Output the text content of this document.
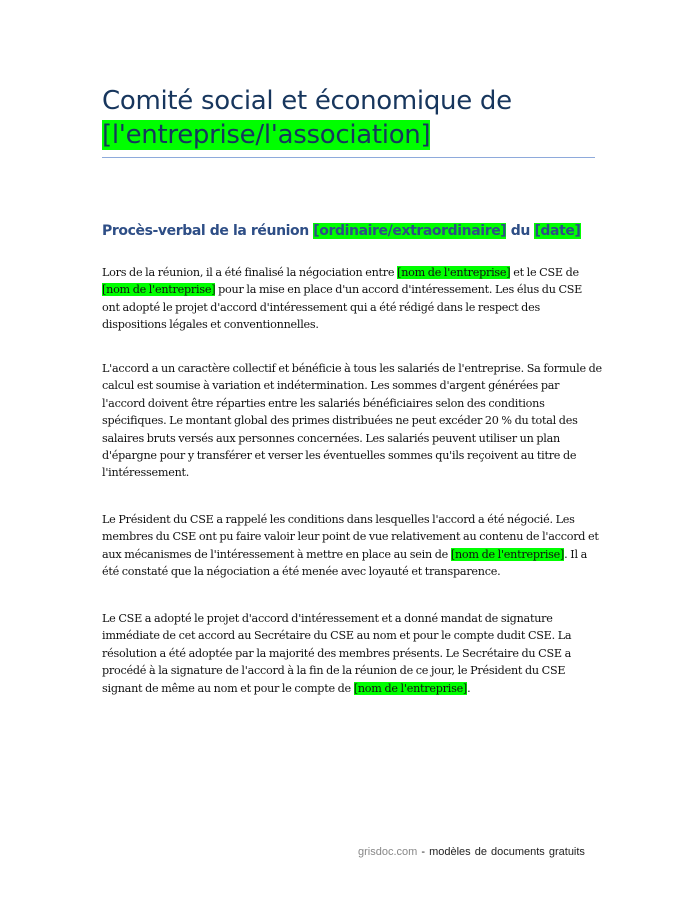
Comité social et économique de
[l'entreprise/l'association]
Procès-verbal de la réunion [ordinaire/extraordinaire] du [date]
Lors de la réunion, il a été finalisé la négociation entre [nom de l'entreprise] et le CSE de [nom de l'entreprise] pour la mise en place d'un accord d'intéressement. Les élus du CSE ont adopté le projet d'accord d'intéressement qui a été rédigé dans le respect des dispositions légales et conventionnelles.
L'accord a un caractère collectif et bénéficie à tous les salariés de l'entreprise. Sa formule de calcul est soumise à variation et indétermination. Les sommes d'argent générées par l'accord doivent être réparties entre les salariés bénéficiaires selon des conditions spécifiques. Le montant global des primes distribuées ne peut excéder 20 % du total des salaires bruts versés aux personnes concernées. Les salariés peuvent utiliser un plan d'épargne pour y transférer et verser les éventuelles sommes qu'ils reçoivent au titre de l'intéressement.
Le Président du CSE a rappelé les conditions dans lesquelles l'accord a été négocié. Les membres du CSE ont pu faire valoir leur point de vue relativement au contenu de l'accord et aux mécanismes de l'intéressement à mettre en place au sein de [nom de l'entreprise]. Il a été constaté que la négociation a été menée avec loyauté et transparence.
Le CSE a adopté le projet d'accord d'intéressement et a donné mandat de signature immédiate de cet accord au Secrétaire du CSE au nom et pour le compte dudit CSE. La résolution a été adoptée par la majorité des membres présents. Le Secrétaire du CSE a procédé à la signature de l'accord à la fin de la réunion de ce jour, le Président du CSE signant de même au nom et pour le compte de [nom de l'entreprise].
grisdoc.com - modèles de documents gratuits
